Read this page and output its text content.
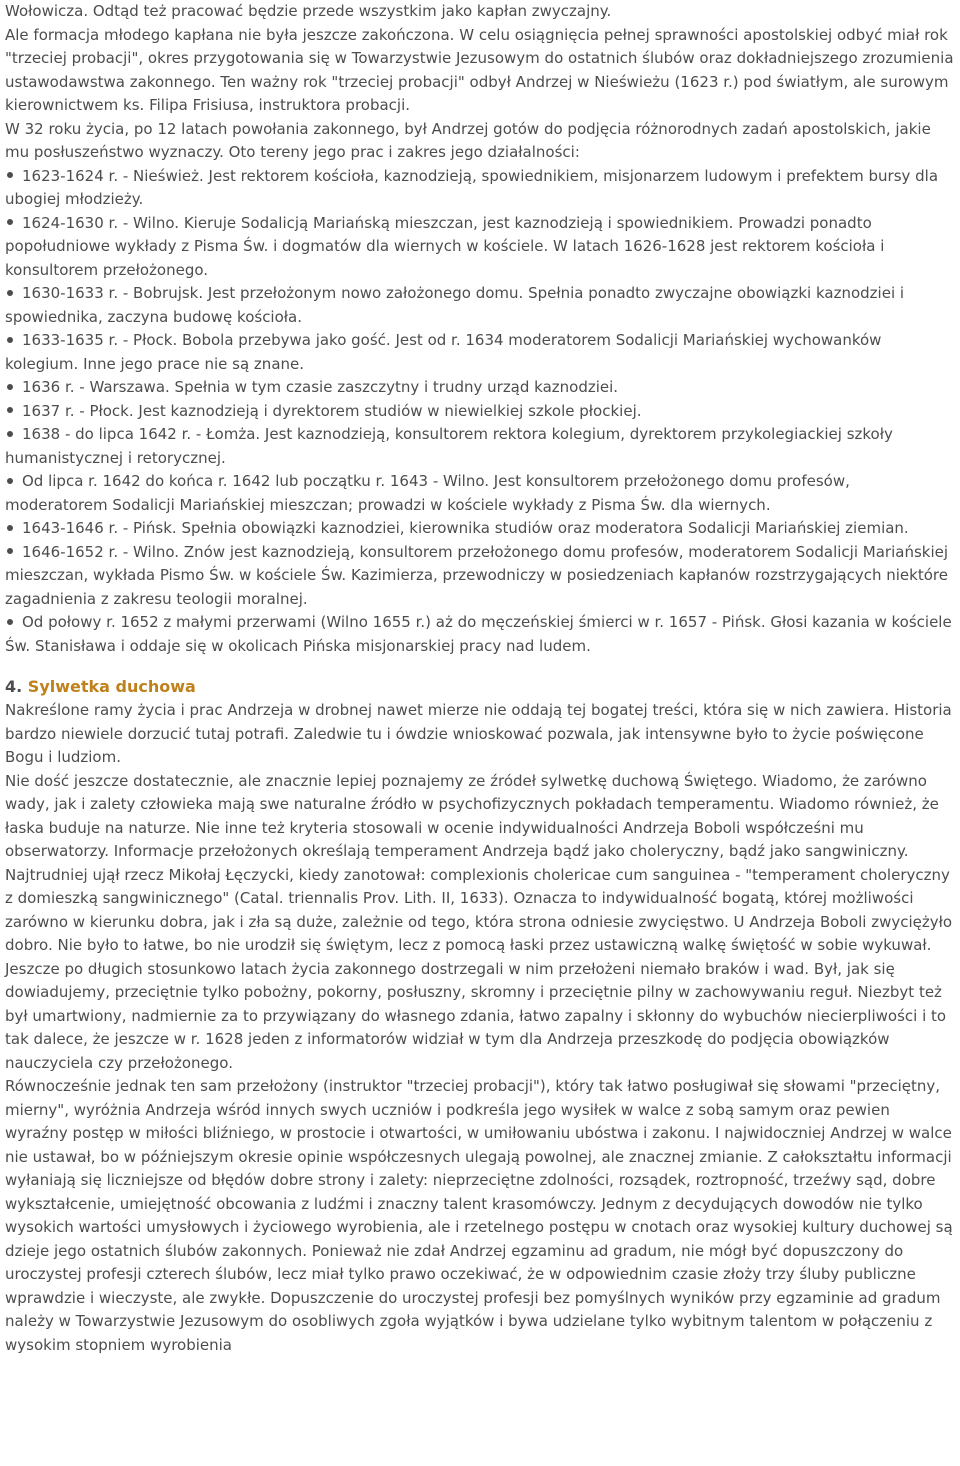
Wołowicza. Odtąd też pracować będzie przede wszystkim jako kapłan zwyczajny.

Ale formacja młodego kapłana nie była jeszcze zakończona. W celu osiągnięcia pełnej sprawności apostolskiej odbyć miał rok "trzeciej probacji", okres przygotowania się w Towarzystwie Jezusowym do ostatnich ślubów oraz dokładniejszego zrozumienia ustawodawstwa zakonnego. Ten ważny rok "trzeciej probacji" odbył Andrzej w Nieświeżu (1623 r.) pod światłym, ale surowym kierownictwem ks. Filipa Frisiusa, instruktora probacji.

W 32 roku życia, po 12 latach powołania zakonnego, był Andrzej gotów do podjęcia różnorodnych zadań apostolskich, jakie mu posłuszeństwo wyznaczy. Oto tereny jego prac i zakres jego działalności:

1623-1624 r. - Nieśwież. Jest rektorem kościoła, kaznodzieją, spowiednikiem, misjonarzem ludowym i prefektem bursy dla ubogiej młodzieży.
1624-1630 r. - Wilno. Kieruje Sodalicją Mariańską mieszczan, jest kaznodzieją i spowiednikiem. Prowadzi ponadto popołudniowe wykłady z Pisma Św. i dogmatów dla wiernych w kościele. W latach 1626-1628 jest rektorem kościoła i konsultorem przełożonego.
1630-1633 r. - Bobrujsk. Jest przełożonym nowo założonego domu. Spełnia ponadto zwyczajne obowiązki kaznodziei i spowiednika, zaczyna budowę kościoła.
1633-1635 r. - Płock. Bobola przebywa jako gość. Jest od r. 1634 moderatorem Sodalicji Mariańskiej wychowanków kolegium. Inne jego prace nie są znane.
1636 r. - Warszawa. Spełnia w tym czasie zaszczytny i trudny urząd kaznodziei.
1637 r. - Płock. Jest kaznodzieją i dyrektorem studiów w niewielkiej szkole płockiej.
1638 - do lipca 1642 r. - Łomża. Jest kaznodzieją, konsultorem rektora kolegium, dyrektorem przykolegiackiej szkoły humanistycznej i retorycznej.
Od lipca r. 1642 do końca r. 1642 lub początku r. 1643 - Wilno. Jest konsultorem przełożonego domu profesów, moderatorem Sodalicji Mariańskiej mieszczan; prowadzi w kościele wykłady z Pisma Św. dla wiernych.
1643-1646 r. - Pińsk. Spełnia obowiązki kaznodziei, kierownika studiów oraz moderatora Sodalicji Mariańskiej ziemian.
1646-1652 r. - Wilno. Znów jest kaznodzieją, konsultorem przełożonego domu profesów, moderatorem Sodalicji Mariańskiej mieszczan, wykłada Pismo Św. w kościele Św. Kazimierza, przewodniczy w posiedzeniach kapłanów rozstrzygających niektóre zagadnienia z zakresu teologii moralnej.
Od połowy r. 1652 z małymi przerwami (Wilno 1655 r.) aż do męczeńskiej śmierci w r. 1657 - Pińsk. Głosi kazania w kościele Św. Stanisława i oddaje się w okolicach Pińska misjonarskiej pracy nad ludem.
4. Sylwetka duchowa

Nakreślone ramy życia i prac Andrzeja w drobnej nawet mierze nie oddają tej bogatej treści, która się w nich zawiera. Historia bardzo niewiele dorzucić tutaj potrafi. Zaledwie tu i ówdzie wnioskować pozwala, jak intensywne było to życie poświęcone Bogu i ludziom.

Nie dość jeszcze dostatecznie, ale znacznie lepiej poznajemy ze źródeł sylwetkę duchową Świętego. Wiadomo, że zarówno wady, jak i zalety człowieka mają swe naturalne źródło w psychofizycznych pokładach temperamentu. Wiadomo również, że łaska buduje na naturze. Nie inne też kryteria stosowali w ocenie indywidualności Andrzeja Boboli współcześni mu obserwatorzy. Informacje przełożonych określają temperament Andrzeja bądź jako choleryczny, bądź jako sangwiniczny. Najtrudniej ujął rzecz Mikołaj Łęczycki, kiedy zanotował: complexionis cholericae cum sanguinea - "temperament choleryczny z domieszką sangwinicznego" (Catal. triennalis Prov. Lith. II, 1633). Oznacza to indywidualność bogatą, której możliwości zarówno w kierunku dobra, jak i zła są duże, zależnie od tego, która strona odniesie zwycięstwo. U Andrzeja Boboli zwyciężyło dobro. Nie było to łatwe, bo nie urodził się świętym, lecz z pomocą łaski przez ustawiczną walkę świętość w sobie wykuwał.

Jeszcze po długich stosunkowo latach życia zakonnego dostrzegali w nim przełożeni niemało braków i wad. Był, jak się dowiadujemy, przeciętnie tylko pobożny, pokorny, posłuszny, skromny i przeciętnie pilny w zachowywaniu reguł. Niezbyt też był umartwiony, nadmiernie za to przywiązany do własnego zdania, łatwo zapalny i skłonny do wybuchów niecierpliwości i to tak dalece, że jeszcze w r. 1628 jeden z informatorów widział w tym dla Andrzeja przeszkodę do podjęcia obowiązków nauczyciela czy przełożonego.

Równocześnie jednak ten sam przełożony (instruktor "trzeciej probacji"), który tak łatwo posługiwał się słowami "przeciętny, mierny", wyróżnia Andrzeja wśród innych swych uczniów i podkreśla jego wysiłek w walce z sobą samym oraz pewien wyraźny postęp w miłości bliźniego, w prostocie i otwartości, w umiłowaniu ubóstwa i zakonu. I najwidoczniej Andrzej w walce nie ustawał, bo w późniejszym okresie opinie współczesnych ulegają powolnej, ale znacznej zmianie. Z całokształtu informacji wyłaniają się liczniejsze od błędów dobre strony i zalety: nieprzeciętne zdolności, rozsądek, roztropność, trzeźwy sąd, dobre wykształcenie, umiejętność obcowania z ludźmi i znaczny talent krasomówczy. Jednym z decydujących dowodów nie tylko wysokich wartości umysłowych i życiowego wyrobienia, ale i rzetelnego postępu w cnotach oraz wysokiej kultury duchowej są dzieje jego ostatnich ślubów zakonnych. Ponieważ nie zdał Andrzej egzaminu ad gradum, nie mógł być dopuszczony do uroczystej profesji czterech ślubów, lecz miał tylko prawo oczekiwać, że w odpowiednim czasie złoży trzy śluby publiczne wprawdzie i wieczyste, ale zwykłe. Dopuszczenie do uroczystej profesji bez pomyślnych wyników przy egzaminie ad gradum należy w Towarzystwie Jezusowym do osobliwych zgoła wyjątków i bywa udzielane tylko wybitnym talentom w połączeniu z wysokim stopniem wyrobienia
